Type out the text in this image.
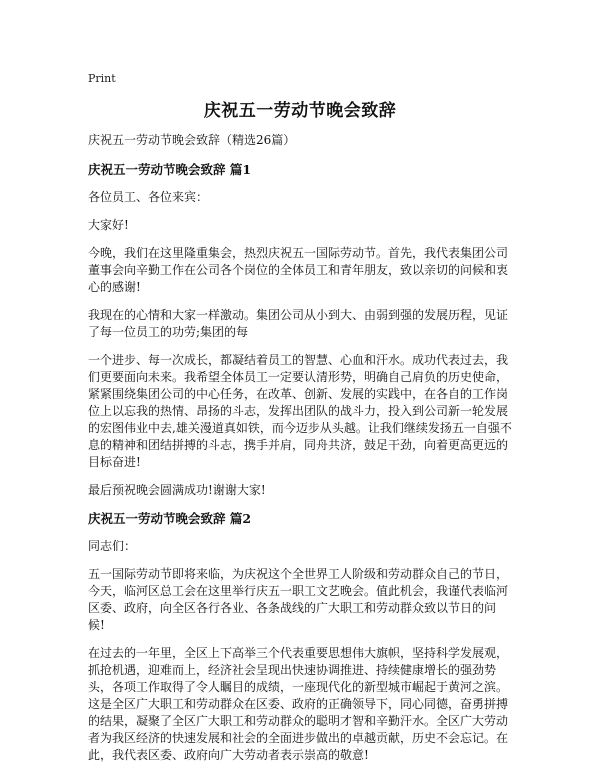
Print
庆祝五一劳动节晚会致辞

庆祝五一劳动节晚会致辞（精选26篇）

庆祝五一劳动节晚会致辞 篇1

各位员工、各位来宾：

大家好!

今晚，我们在这里隆重集会，热烈庆祝五一国际劳动节。首先，我代表集团公司董事会向辛勤工作在公司各个岗位的全体员工和青年朋友，致以亲切的问候和衷心的感谢!

我现在的心情和大家一样激动。集团公司从小到大、由弱到强的发展历程，见证了每一位员工的功劳;集团的每

一个进步、每一次成长，都凝结着员工的智慧、心血和汗水。成功代表过去，我们更要面向未来。我希望全体员工一定要认清形势，明确自己肩负的历史使命，紧紧围绕集团公司的中心任务，在改革、创新、发展的实践中，在各自的工作岗位上以忘我的热情、昂扬的斗志，发挥出团队的战斗力，投入到公司新一轮发展的宏图伟业中去,雄关漫道真如铁，而今迈步从头越。让我们继续发扬五一自强不息的精神和团结拼搏的斗志，携手并肩，同舟共济，鼓足干劲，向着更高更远的目标奋进!

最后预祝晚会圆满成功!谢谢大家!

庆祝五一劳动节晚会致辞 篇2

同志们：

五一国际劳动节即将来临，为庆祝这个全世界工人阶级和劳动群众自己的节日，今天，临河区总工会在这里举行庆五一职工文艺晚会。值此机会，我谨代表临河区委、政府，向全区各行各业、各条战线的广大职工和劳动群众致以节日的问候!

在过去的一年里，全区上下高举三个代表重要思想伟大旗帜，坚持科学发展观，抓抢机遇，迎难而上，经济社会呈现出快速协调推进、持续健康增长的强劲势头，各项工作取得了令人瞩目的成绩，一座现代化的新型城市崛起于黄河之滨。这是全区广大职工和劳动群众在区委、政府的正确领导下，同心同德，奋勇拼搏的结果，凝聚了全区广大职工和劳动群众的聪明才智和辛勤汗水。全区广大劳动者为我区经济的快速发展和社会的全面进步做出的卓越贡献，历史不会忘记。在此，我代表区委、政府向广大劳动者表示崇高的敬意!
